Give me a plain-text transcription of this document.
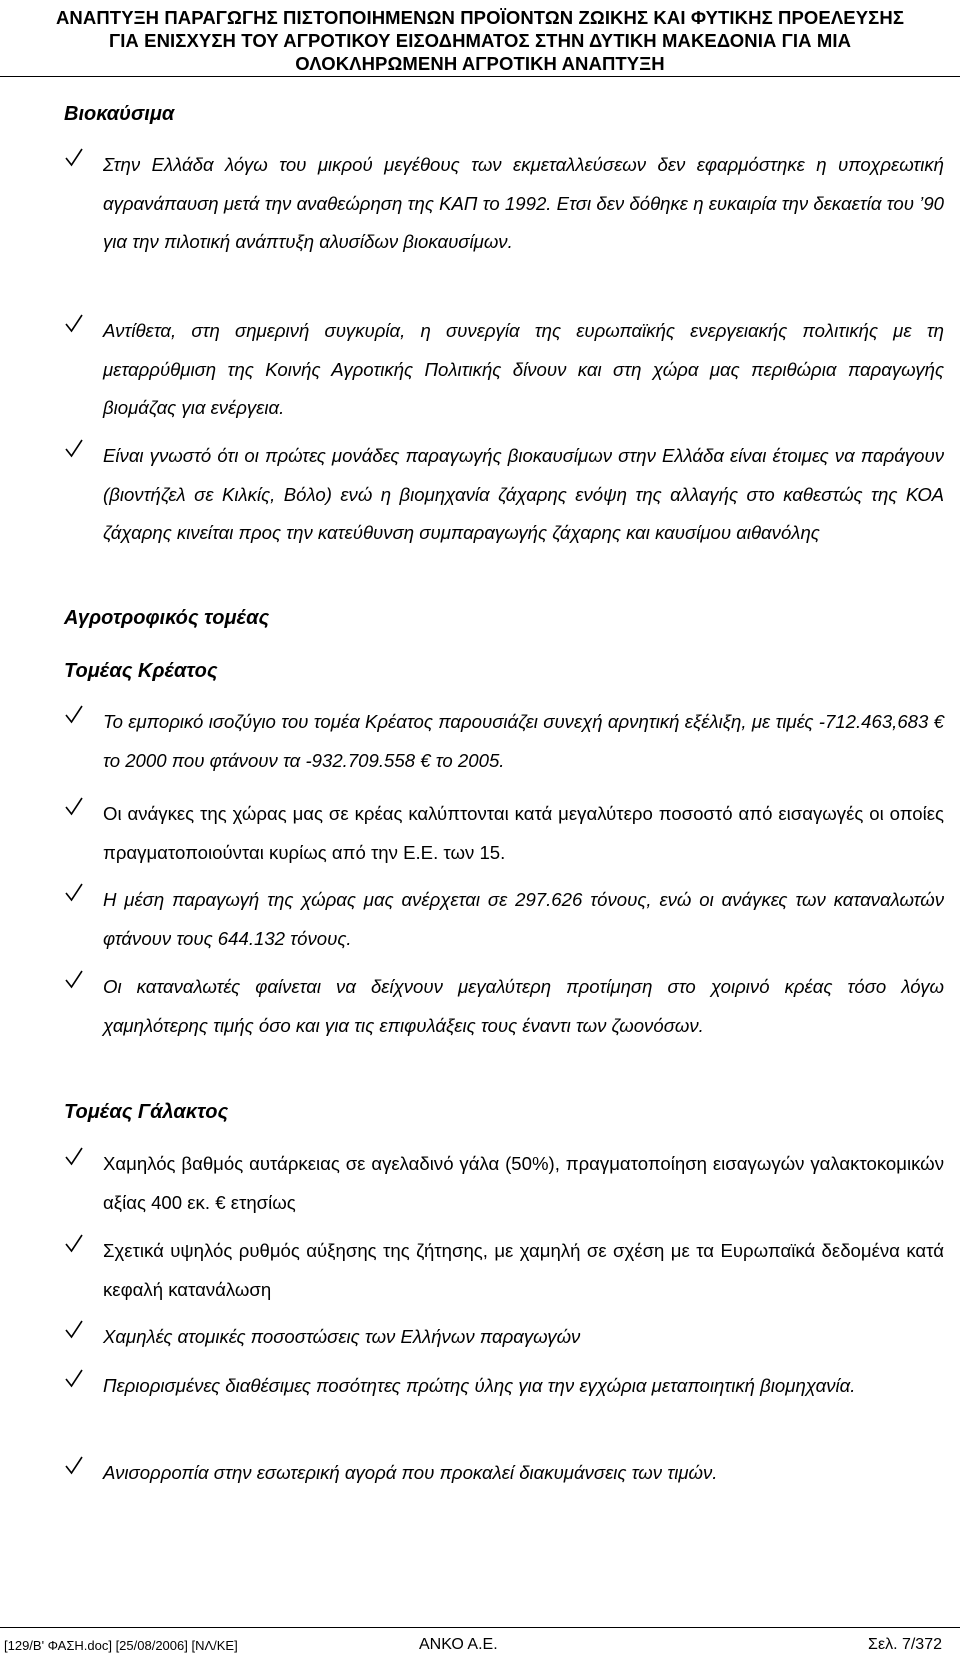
ΑΝΑΠΤΥΞΗ ΠΑΡΑΓΩΓΗΣ ΠΙΣΤΟΠΟΙΗΜΕΝΩΝ ΠΡΟΪΟΝΤΩΝ ΖΩΙΚΗΣ ΚΑΙ ΦΥΤΙΚΗΣ ΠΡΟΕΛΕΥΣΗΣ
ΓΙΑ ΕΝΙΣΧΥΣΗ ΤΟΥ ΑΓΡΟΤΙΚΟΥ ΕΙΣΟΔΗΜΑΤΟΣ ΣΤΗΝ ΔΥΤΙΚΗ ΜΑΚΕΔΟΝΙΑ ΓΙΑ ΜΙΑ
ΟΛΟΚΛΗΡΩΜΕΝΗ ΑΓΡΟΤΙΚΗ ΑΝΑΠΤΥΞΗ
Βιοκαύσιμα
Στην Ελλάδα λόγω του μικρού μεγέθους των εκμεταλλεύσεων δεν εφαρμόστηκε η υποχρεωτική αγρανάπαυση μετά την αναθεώρηση της ΚΑΠ το 1992. Ετσι δεν δόθηκε η ευκαιρία την δεκαετία του ’90 για την πιλοτική ανάπτυξη αλυσίδων βιοκαυσίμων.
Αντίθετα, στη σημερινή συγκυρία, η συνεργία της ευρωπαϊκής ενεργειακής πολιτικής με τη μεταρρύθμιση της Κοινής Αγροτικής Πολιτικής δίνουν και στη χώρα μας περιθώρια παραγωγής βιομάζας για ενέργεια.
Είναι γνωστό ότι οι πρώτες μονάδες παραγωγής βιοκαυσίμων στην Ελλάδα είναι έτοιμες να παράγουν (βιοντήζελ σε Κιλκίς, Βόλο) ενώ η βιομηχανία ζάχαρης ενόψη της αλλαγής στο καθεστώς της ΚΟΑ ζάχαρης κινείται προς την κατεύθυνση συμπαραγωγής ζάχαρης και καυσίμου αιθανόλης
Αγροτροφικός τομέας
Τομέας Κρέατος
Το εμπορικό ισοζύγιο του τομέα Κρέατος παρουσιάζει συνεχή αρνητική εξέλιξη, με τιμές -712.463,683 € το 2000 που φτάνουν τα -932.709.558 € το 2005.
Οι ανάγκες της χώρας μας σε κρέας καλύπτονται κατά μεγαλύτερο ποσοστό από εισαγωγές οι οποίες πραγματοποιούνται κυρίως από την Ε.Ε. των 15.
Η μέση παραγωγή της χώρας μας ανέρχεται σε 297.626 τόνους, ενώ οι ανάγκες των καταναλωτών φτάνουν τους 644.132 τόνους.
Οι καταναλωτές φαίνεται να δείχνουν μεγαλύτερη προτίμηση στο χοιρινό κρέας τόσο λόγω χαμηλότερης τιμής όσο και για τις επιφυλάξεις τους έναντι των ζωονόσων.
Τομέας Γάλακτος
Χαμηλός βαθμός αυτάρκειας σε αγελαδινό γάλα (50%), πραγματοποίηση εισαγωγών γαλακτοκομικών αξίας 400 εκ. € ετησίως
Σχετικά υψηλός ρυθμός αύξησης της ζήτησης, με χαμηλή σε σχέση με τα Ευρωπαϊκά δεδομένα κατά κεφαλή κατανάλωση
Χαμηλές ατομικές ποσοστώσεις των Ελλήνων παραγωγών
Περιορισμένες διαθέσιμες ποσότητες πρώτης ύλης για την εγχώρια μεταποιητική βιομηχανία.
Ανισορροπία στην εσωτερική αγορά που προκαλεί διακυμάνσεις των τιμών.
[129/Β' ΦΑΣΗ.doc] [25/08/2006] [ΝΛ/ΚΕ]	ΑΝΚΟ Α.Ε.	Σελ. 7/372
